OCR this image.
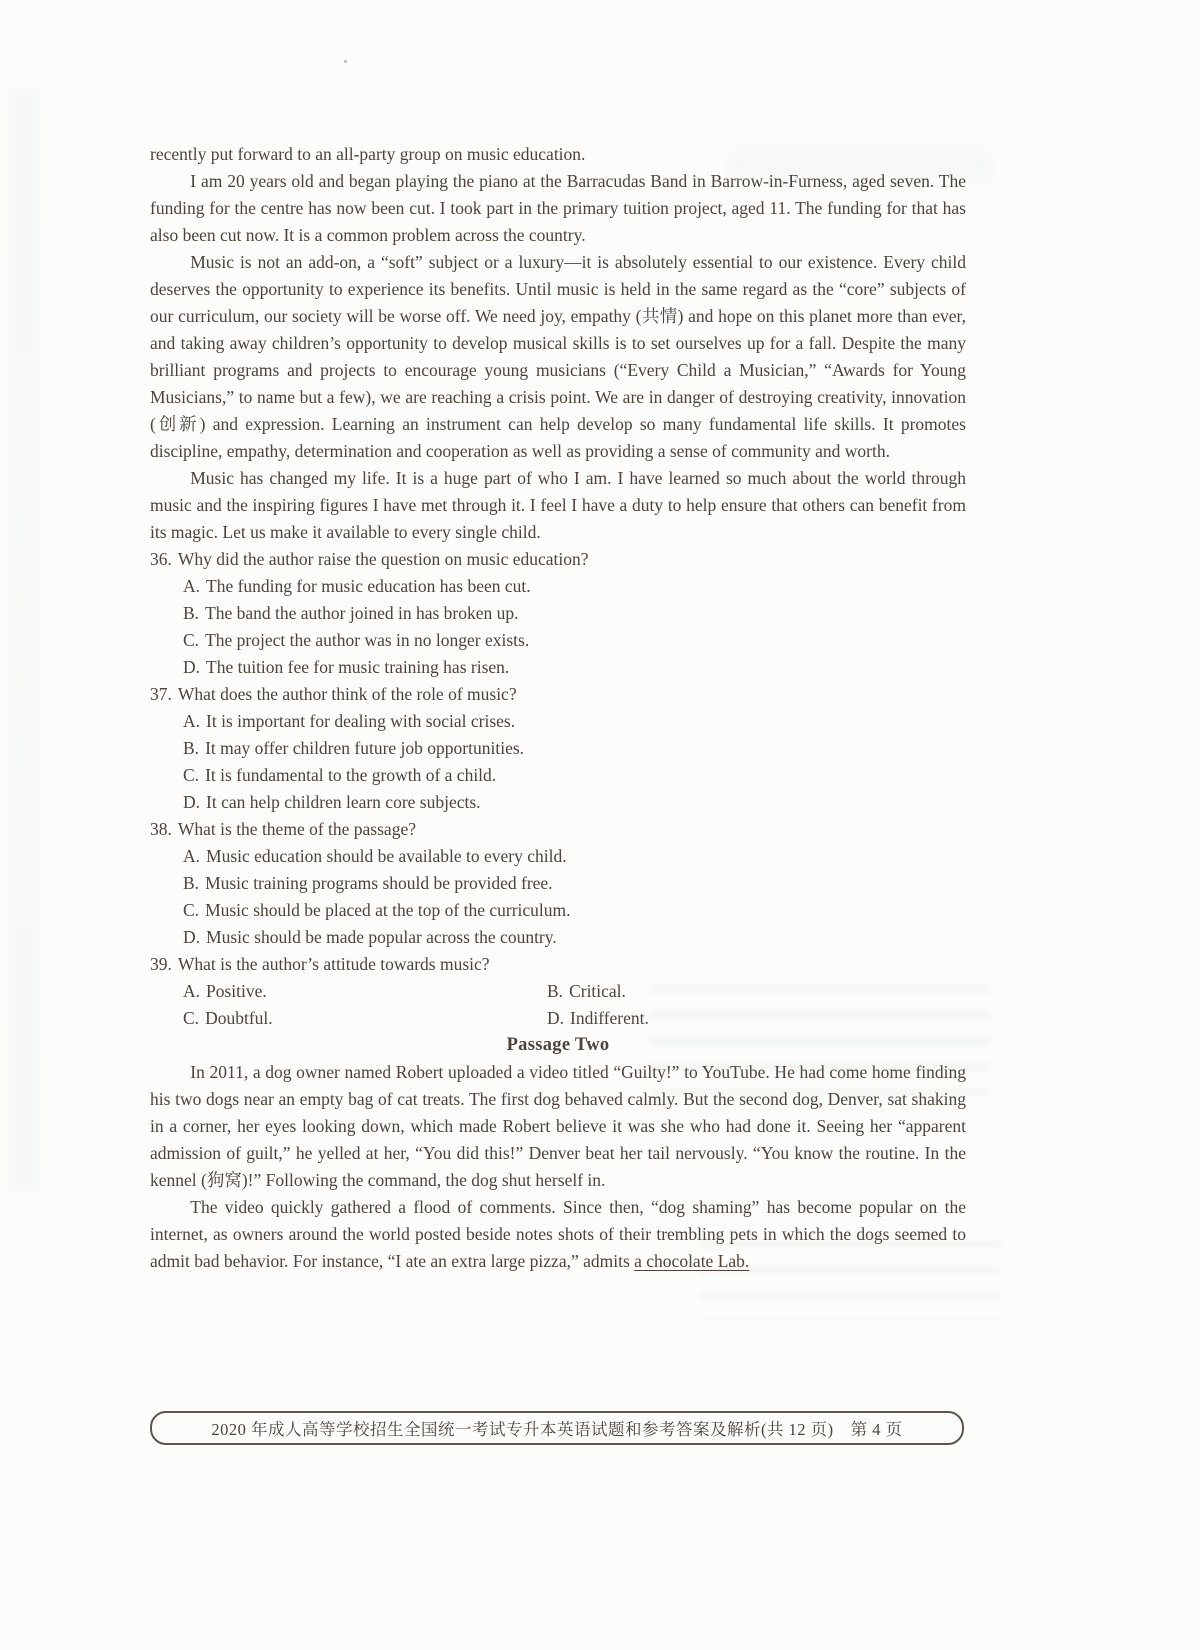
recently put forward to an all-party group on music education.

I am 20 years old and began playing the piano at the Barracudas Band in Barrow-in-Furness, aged seven. The funding for the centre has now been cut. I took part in the primary tuition project, aged 11. The funding for that has also been cut now. It is a common problem across the country.

Music is not an add-on, a “soft” subject or a luxury—it is absolutely essential to our existence. Every child deserves the opportunity to experience its benefits. Until music is held in the same regard as the “core” subjects of our curriculum, our society will be worse off. We need joy, empathy (共情) and hope on this planet more than ever, and taking away children’s opportunity to develop musical skills is to set ourselves up for a fall. Despite the many brilliant programs and projects to encourage young musicians (“Every Child a Musician,” “Awards for Young Musicians,” to name but a few), we are reaching a crisis point. We are in danger of destroying creativity, innovation (创新) and expression. Learning an instrument can help develop so many fundamental life skills. It promotes discipline, empathy, determination and cooperation as well as providing a sense of community and worth.

Music has changed my life. It is a huge part of who I am. I have learned so much about the world through music and the inspiring figures I have met through it. I feel I have a duty to help ensure that others can benefit from its magic. Let us make it available to every single child.

36. Why did the author raise the question on music education?
A. The funding for music education has been cut.
B. The band the author joined in has broken up.
C. The project the author was in no longer exists.
D. The tuition fee for music training has risen.
37. What does the author think of the role of music?
A. It is important for dealing with social crises.
B. It may offer children future job opportunities.
C. It is fundamental to the growth of a child.
D. It can help children learn core subjects.
38. What is the theme of the passage?
A. Music education should be available to every child.
B. Music training programs should be provided free.
C. Music should be placed at the top of the curriculum.
D. Music should be made popular across the country.
39. What is the author’s attitude towards music?
A. Positive.	B. Critical.
C. Doubtful.	D. Indifferent.

Passage Two

In 2011, a dog owner named Robert uploaded a video titled “Guilty!” to YouTube. He had come home finding his two dogs near an empty bag of cat treats. The first dog behaved calmly. But the second dog, Denver, sat shaking in a corner, her eyes looking down, which made Robert believe it was she who had done it. Seeing her “apparent admission of guilt,” he yelled at her, “You did this!” Denver beat her tail nervously. “You know the routine. In the kennel (狗窝)!” Following the command, the dog shut herself in.

The video quickly gathered a flood of comments. Since then, “dog shaming” has become popular on the internet, as owners around the world posted beside notes shots of their trembling pets in which the dogs seemed to admit bad behavior. For instance, “I ate an extra large pizza,” admits a chocolate Lab.

2020 年成人高等学校招生全国统一考试专升本英语试题和参考答案及解析(共 12 页)　第 4 页
